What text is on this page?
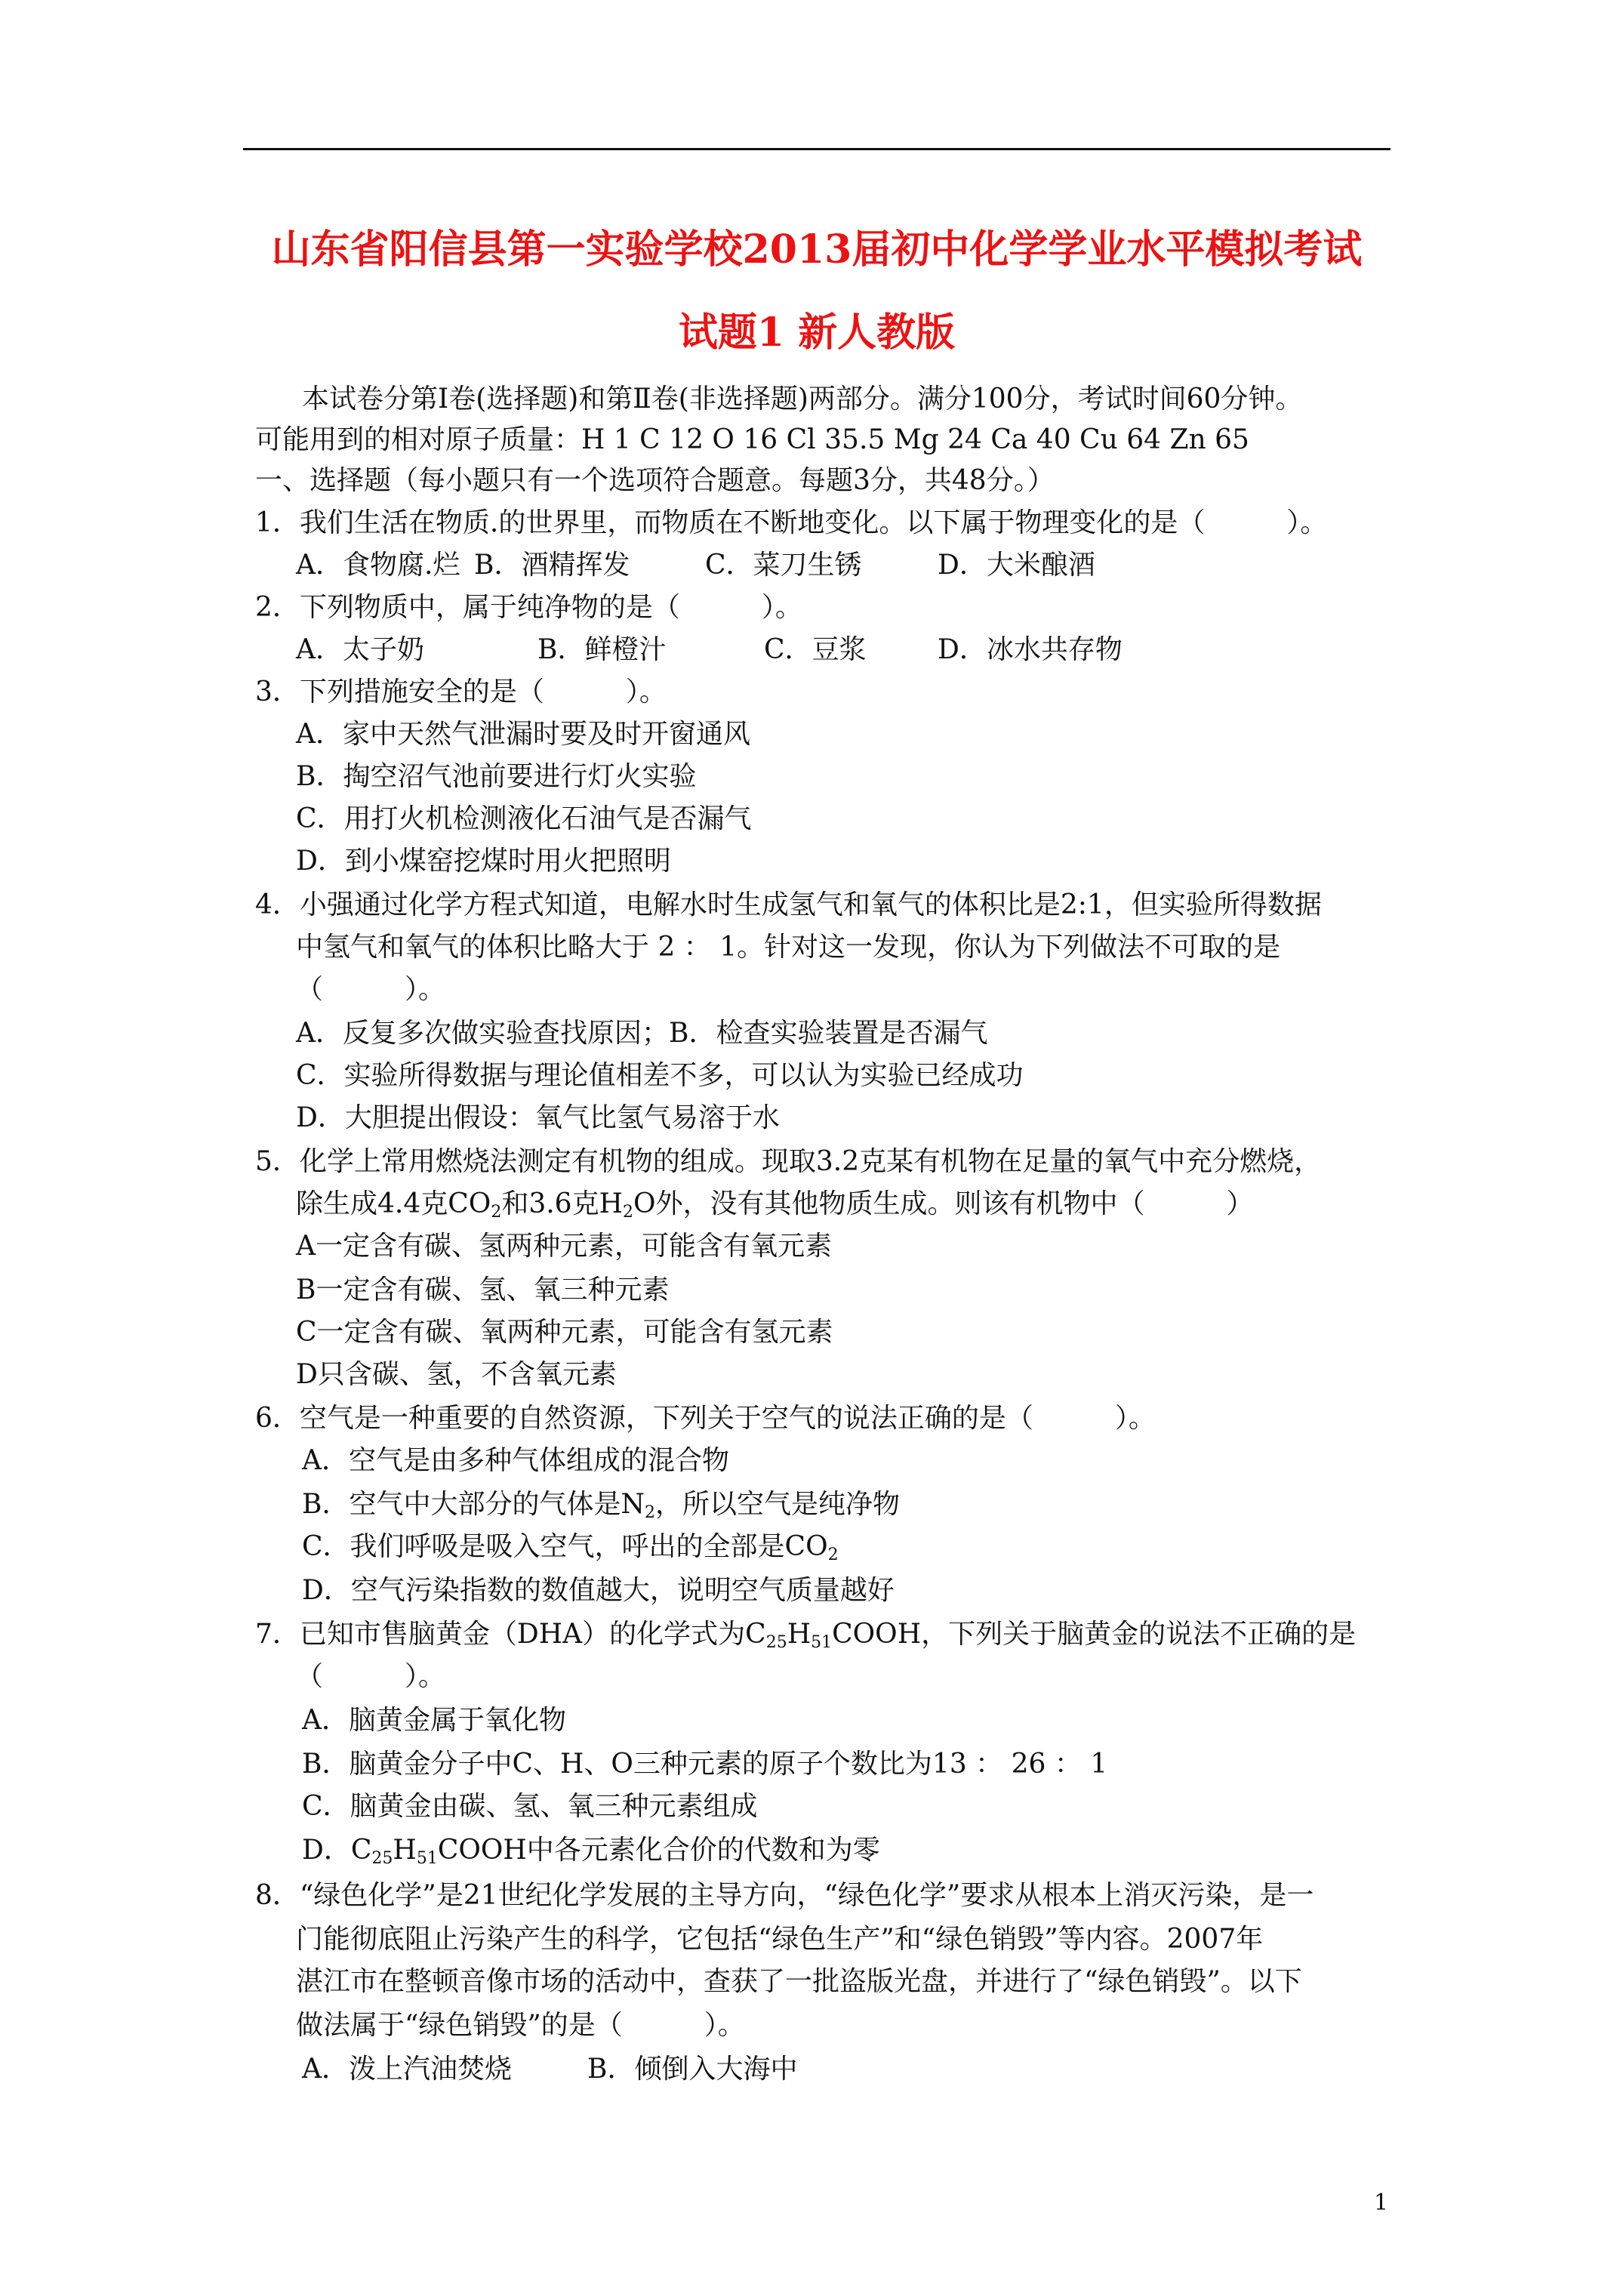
山东省阳信县第一实验学校2013届初中化学学业水平模拟考试
试题1 新人教版
本试卷分第Ⅰ卷(选择题)和第Ⅱ卷(非选择题)两部分。满分100分，考试时间60分钟。
可能用到的相对原子质量：H 1 C 12 O 16 Cl 35.5 Mg 24 Ca 40 Cu 64 Zn 65
一、选择题（每小题只有一个选项符合题意。每题3分，共48分。）
1．我们生活在物质.的世界里，而物质在不断地变化。以下属于物理变化的是（　　　）。
A．食物腐.烂 B．酒精挥发	C．菜刀生锈	D．大米酿酒
2．下列物质中，属于纯净物的是（　　　）。
A．太子奶	B．鲜橙汁	C．豆浆	D．冰水共存物
3．下列措施安全的是（　　　）。
A．家中天然气泄漏时要及时开窗通风
B．掏空沼气池前要进行灯火实验
C．用打火机检测液化石油气是否漏气
D．到小煤窑挖煤时用火把照明
4．小强通过化学方程式知道，电解水时生成氢气和氧气的体积比是2:1，但实验所得数据
中氢气和氧气的体积比略大于 2 ： 1。针对这一发现，你认为下列做法不可取的是
（　　　）。
A．反复多次做实验查找原因；B．检查实验装置是否漏气
C．实验所得数据与理论值相差不多，可以认为实验已经成功
D．大胆提出假设：氧气比氢气易溶于水
5．化学上常用燃烧法测定有机物的组成。现取3.2克某有机物在足量的氧气中充分燃烧，
除生成4.4克$CO_2$和3.6克$H_2O$外，没有其他物质生成。则该有机物中（　　　）
A一定含有碳、氢两种元素，可能含有氧元素
B一定含有碳、氢、氧三种元素
C一定含有碳、氧两种元素，可能含有氢元素
D只含碳、氢，不含氧元素
6．空气是一种重要的自然资源，下列关于空气的说法正确的是（　　　）。
A．空气是由多种气体组成的混合物
B．空气中大部分的气体是$N_2$，所以空气是纯净物
C．我们呼吸是吸入空气，呼出的全部是$CO_2$
D．空气污染指数的数值越大，说明空气质量越好
7．已知市售脑黄金（DHA）的化学式为$C_{25}H_{51}COOH$，下列关于脑黄金的说法不正确的是
（　　　）。
A．脑黄金属于氧化物
B．脑黄金分子中C、H、O三种元素的原子个数比为13 ： 26 ： 1
C．脑黄金由碳、氢、氧三种元素组成
D．$C_{25}H_{51}COOH$中各元素化合价的代数和为零
8．“绿色化学”是21世纪化学发展的主导方向，“绿色化学”要求从根本上消灭污染，是一
门能彻底阻止污染产生的科学，它包括“绿色生产”和“绿色销毁”等内容。2007年
湛江市在整顿音像市场的活动中，查获了一批盗版光盘，并进行了“绿色销毁”。以下
做法属于“绿色销毁”的是（　　　）。
A．泼上汽油焚烧	B．倾倒入大海中
1
